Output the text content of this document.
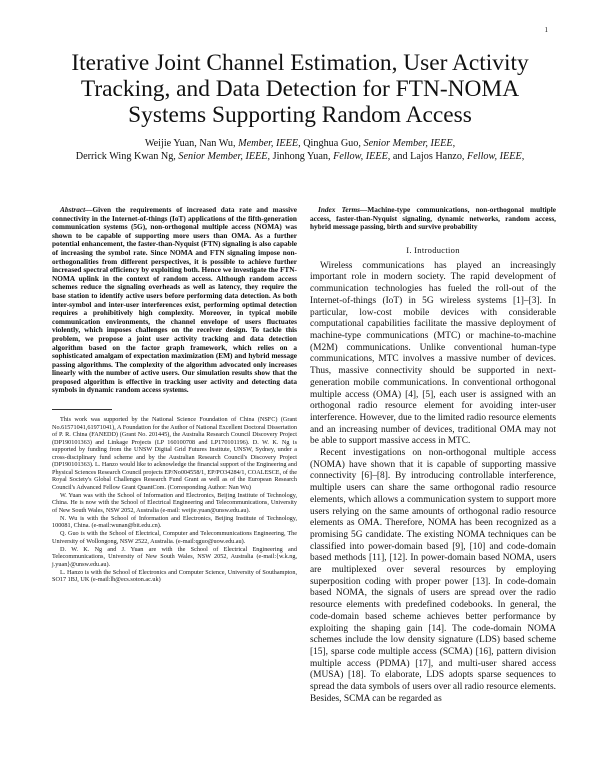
1
Iterative Joint Channel Estimation, User Activity Tracking, and Data Detection for FTN-NOMA Systems Supporting Random Access
Weijie Yuan, Nan Wu, Member, IEEE, Qinghua Guo, Senior Member, IEEE,
Derrick Wing Kwan Ng, Senior Member, IEEE, Jinhong Yuan, Fellow, IEEE, and Lajos Hanzo, Fellow, IEEE,

Abstract—Given the requirements of increased data rate and massive connectivity in the Internet-of-things (IoT) applications of the fifth-generation communication systems (5G), non-orthogonal multiple access (NOMA) was shown to be capable of supporting more users than OMA. As a further potential enhancement, the faster-than-Nyquist (FTN) signaling is also capable of increasing the symbol rate. Since NOMA and FTN signaling impose non-orthogonalities from different perspectives, it is possible to achieve further increased spectral efficiency by exploiting both. Hence we investigate the FTN-NOMA uplink in the context of random access. Although random access schemes reduce the signaling overheads as well as latency, they require the base station to identify active users before performing data detection. As both inter-symbol and inter-user interferences exist, performing optimal detection requires a prohibitively high complexity. Moreover, in typical mobile communication environments, the channel envelope of users fluctuates violently, which imposes challenges on the receiver design. To tackle this problem, we propose a joint user activity tracking and data detection algorithm based on the factor graph framework, which relies on a sophisticated amalgam of expectation maximization (EM) and hybrid message passing algorithms. The complexity of the algorithm advocated only increases linearly with the number of active users. Our simulation results show that the proposed algorithm is effective in tracking user activity and detecting data symbols in dynamic random access systems.

This work was supported by the National Science Foundation of China (NSFC) (Grant No.61571041,61971041), A Foundation for the Author of National Excellent Doctoral Dissertation of P. R. China (FANEDD) (Grant No. 201445), the Australia Research Council Discovery Project (DP190101363) and Linkage Projects (LP 160100708 and LP170101196). D. W. K. Ng is supported by funding from the UNSW Digital Grid Futures Institute, UNSW, Sydney, under a cross-disciplinary fund scheme and by the Australian Research Council's Discovery Project (DP190101363). L. Hanzo would like to acknowledge the financial support of the Engineering and Physical Sciences Research Council projects EP/No004558/1, EP/PO34284/1, COALESCE, of the Royal Society's Global Challenges Research Fund Grant as well as of the European Research Council's Advanced Fellow Grant QuantCom. (Corresponding Author: Nan Wu)

W. Yuan was with the School of Information and Electronics, Beijing Institute of Technology, China. He is now with the School of Electrical Engineering and Telecommunications, University of New South Wales, NSW 2052, Australia (e-mail: weijie.yuan@unsw.edu.au).

N. Wu is with the School of Information and Electronics, Beijing Institute of Technology, 100081, China. (e-mail:wunan@bit.edu.cn).

Q. Guo is with the School of Electrical, Computer and Telecommunications Engineering, The University of Wollongong, NSW 2522, Australia. (e-mail:qguo@uow.edu.au).

D. W. K. Ng and J. Yuan are with the School of Electrical Engineering and Telecommunications, University of New South Wales, NSW 2052, Australia (e-mail:{w.k.ng, j.yuan}@unsw.edu.au).

L. Hanzo is with the School of Electronics and Computer Science, University of Southampton, SO17 1BJ, UK (e-mail:lh@ecs.soton.ac.uk)

Index Terms—Machine-type communications, non-orthogonal multiple access, faster-than-Nyquist signaling, dynamic networks, random access, hybrid message passing, birth and survive probability

I. Introduction

Wireless communications has played an increasingly important role in modern society. The rapid development of communication technologies has fueled the roll-out of the Internet-of-things (IoT) in 5G wireless systems [1]–[3]. In particular, low-cost mobile devices with considerable computational capabilities facilitate the massive deployment of machine-type communications (MTC) or machine-to-machine (M2M) communications. Unlike conventional human-type communications, MTC involves a massive number of devices. Thus, massive connectivity should be supported in next-generation mobile communications. In conventional orthogonal multiple access (OMA) [4], [5], each user is assigned with an orthogonal radio resource element for avoiding inter-user interference. However, due to the limited radio resource elements and an increasing number of devices, traditional OMA may not be able to support massive access in MTC.

Recent investigations on non-orthogonal multiple access (NOMA) have shown that it is capable of supporting massive connectivity [6]–[8]. By introducing controllable interference, multiple users can share the same orthogonal radio resource elements, which allows a communication system to support more users relying on the same amounts of orthogonal radio resource elements as OMA. Therefore, NOMA has been recognized as a promising 5G candidate. The existing NOMA techniques can be classified into power-domain based [9], [10] and code-domain based methods [11], [12]. In power-domain based NOMA, users are multiplexed over several resources by employing superposition coding with proper power [13]. In code-domain based NOMA, the signals of users are spread over the radio resource elements with predefined codebooks. In general, the code-domain based scheme achieves better performance by exploiting the shaping gain [14]. The code-domain NOMA schemes include the low density signature (LDS) based scheme [15], sparse code multiple access (SCMA) [16], pattern division multiple access (PDMA) [17], and multi-user shared access (MUSA) [18]. To elaborate, LDS adopts sparse sequences to spread the data symbols of users over all radio resource elements. Besides, SCMA can be regarded as
